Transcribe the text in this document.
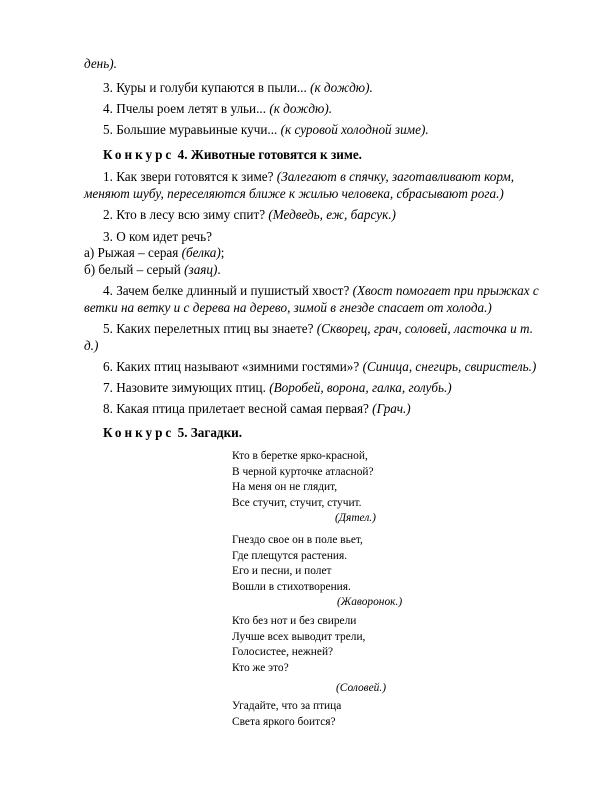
день).
3. Куры и голуби купаются в пыли... (к дождю).
4. Пчелы роем летят в ульи... (к дождю).
5. Большие муравьиные кучи... (к суровой холодной зиме).
Конкурс 4. Животные готовятся к зиме.
1. Как звери готовятся к зиме? (Залегают в спячку, заготавливают корм,
меняют шубу, переселяются ближе к жилью человека, сбрасывают рога.)
2. Кто в лесу всю зиму спит? (Медведь, еж, барсук.)
3. О ком идет речь?
а) Рыжая – серая (белка);
б) белый – серый (заяц).
4. Зачем белке длинный и пушистый хвост? (Хвост помогает при прыжках с
ветки на ветку и с дерева на дерево, зимой в гнезде спасает от холода.)
5. Каких перелетных птиц вы знаете? (Скворец, грач, соловей, ласточка и т.
д.)
6. Каких птиц называют «зимними гостями»? (Синица, снегирь, свиристель.)
7. Назовите зимующих птиц. (Воробей, ворона, галка, голубь.)
8. Какая птица прилетает весной самая первая? (Грач.)
Конкурс 5. Загадки.
Кто в беретке ярко-красной,
В черной курточке атласной?
На меня он не глядит,
Все стучит, стучит, стучит.
(Дятел.)
Гнездо свое он в поле вьет,
Где плещутся растения.
Его и песни, и полет
Вошли в стихотворения.
(Жаворонок.)
Кто без нот и без свирели
Лучше всех выводит трели,
Голосистее, нежней?
Кто же это?
(Соловей.)
Угадайте, что за птица
Света яркого боится?
